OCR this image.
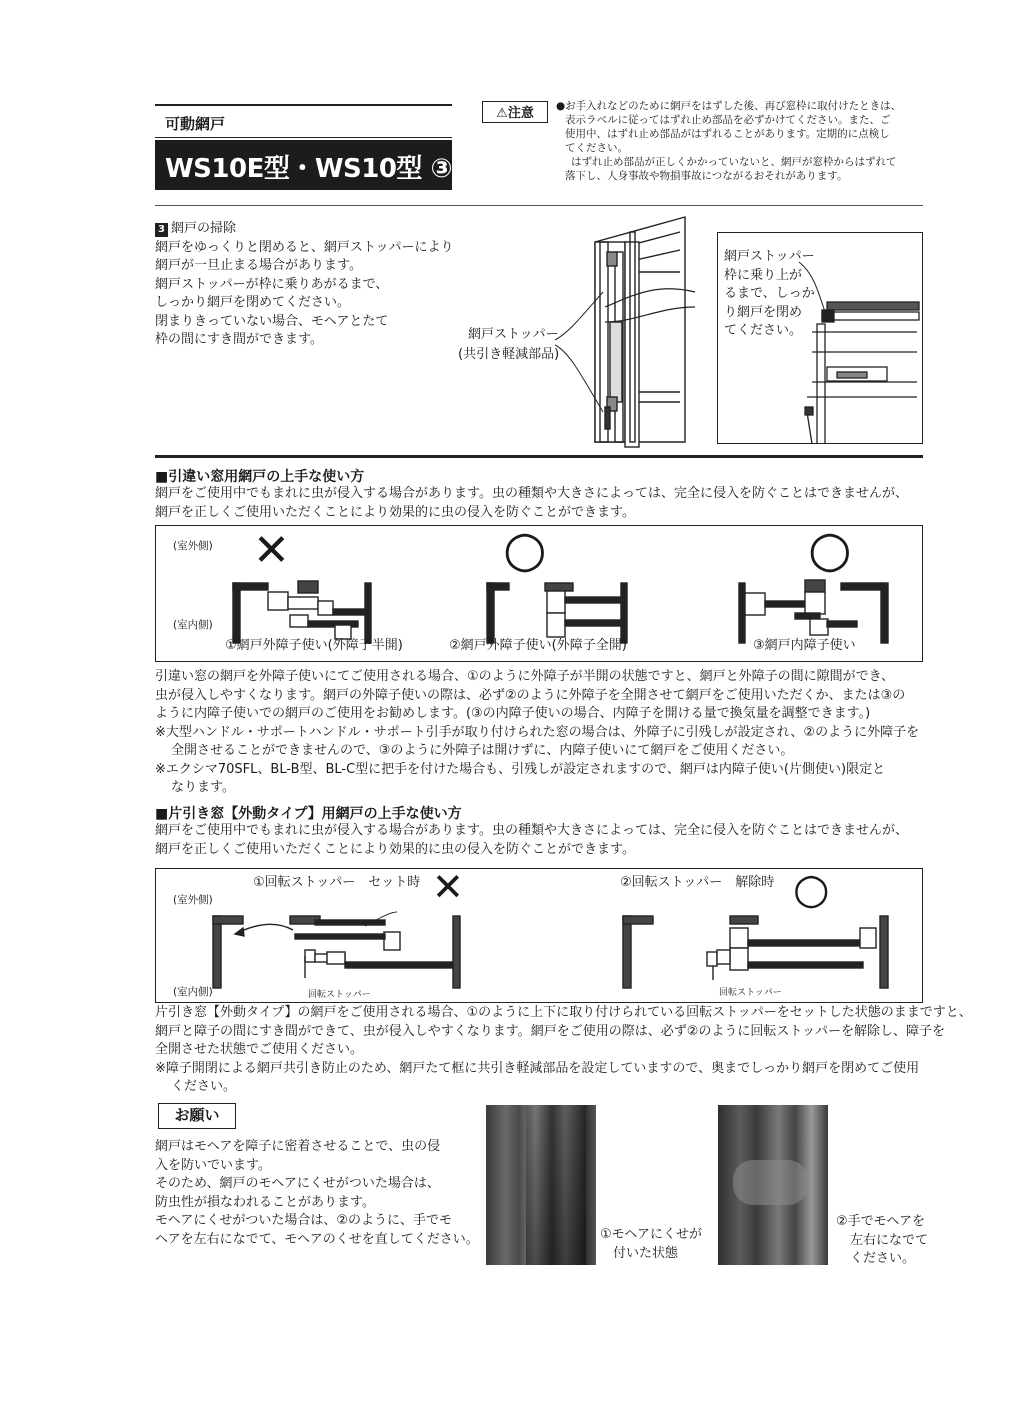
可動網戸
WS10E型・WS10型 ③
⚠注意	●お手入れなどのために網戸をはずした後、再び窓枠に取付けたときは、
表示ラベルに従ってはずれ止め部品を必ずかけてください。また、ご
使用中、はずれ止め部品がはずれることがあります。定期的に点検し
てください。
はずれ止め部品が正しくかかっていないと、網戸が窓枠からはずれて
落下し、人身事故や物損事故につながるおそれがあります。
3 網戸の掃除
網戸をゆっくりと閉めると、網戸ストッパーにより
網戸が一旦止まる場合があります。
網戸ストッパーが枠に乗りあがるまで、
しっかり網戸を閉めてください。
閉まりきっていない場合、モヘアとたて
枠の間にすき間ができます。	網戸ストッパー
(共引き軽減部品)
網戸ストッパー
枠に乗り上が
るまで、しっか
り網戸を閉め
てください。
■引違い窓用網戸の上手な使い方
網戸をご使用中でもまれに虫が侵入する場合があります。虫の種類や大きさによっては、完全に侵入を防ぐことはできませんが、
網戸を正しくご使用いただくことにより効果的に虫の侵入を防ぐことができます。
(室外側)
(室内側)
✕	○	○
①網戸外障子使い(外障子半開)	②網戸外障子使い(外障子全開)	③網戸内障子使い
引違い窓の網戸を外障子使いにてご使用される場合、①のように外障子が半開の状態ですと、網戸と外障子の間に隙間ができ、
虫が侵入しやすくなります。網戸の外障子使いの際は、必ず②のように外障子を全開させて網戸をご使用いただくか、または③の
ように内障子使いでの網戸のご使用をお勧めします。(③の内障子使いの場合、内障子を開ける量で換気量を調整できます。)
※大型ハンドル・サポートハンドル・サポート引手が取り付けられた窓の場合は、外障子に引残しが設定され、②のように外障子を
全開させることができませんので、③のように外障子は開けずに、内障子使いにて網戸をご使用ください。
※エクシマ70SFL、BL-B型、BL-C型に把手を付けた場合も、引残しが設定されますので、網戸は内障子使い(片側使い)限定と
なります。
■片引き窓【外動タイプ】用網戸の上手な使い方
網戸をご使用中でもまれに虫が侵入する場合があります。虫の種類や大きさによっては、完全に侵入を防ぐことはできませんが、
網戸を正しくご使用いただくことにより効果的に虫の侵入を防ぐことができます。
(室外側)
(室内側)
①回転ストッパー　セット時 ✕	②回転ストッパー　解除時 ○
回転ストッパー	回転ストッパー
片引き窓【外動タイプ】の網戸をご使用される場合、①のように上下に取り付けられている回転ストッパーをセットした状態のままですと、
網戸と障子の間にすき間ができて、虫が侵入しやすくなります。網戸をご使用の際は、必ず②のように回転ストッパーを解除し、障子を
全開させた状態でご使用ください。
※障子開閉による網戸共引き防止のため、網戸たて框に共引き軽減部品を設定していますので、奥までしっかり網戸を閉めてご使用
ください。
お願い
網戸はモヘアを障子に密着させることで、虫の侵
入を防いでいます。
そのため、網戸のモヘアにくせがついた場合は、
防虫性が損なわれることがあります。
モヘアにくせがついた場合は、②のように、手でモ
ヘアを左右になでて、モヘアのくせを直してください。	①モヘアにくせが
付いた状態
②手でモヘアを
左右になでて
ください。
